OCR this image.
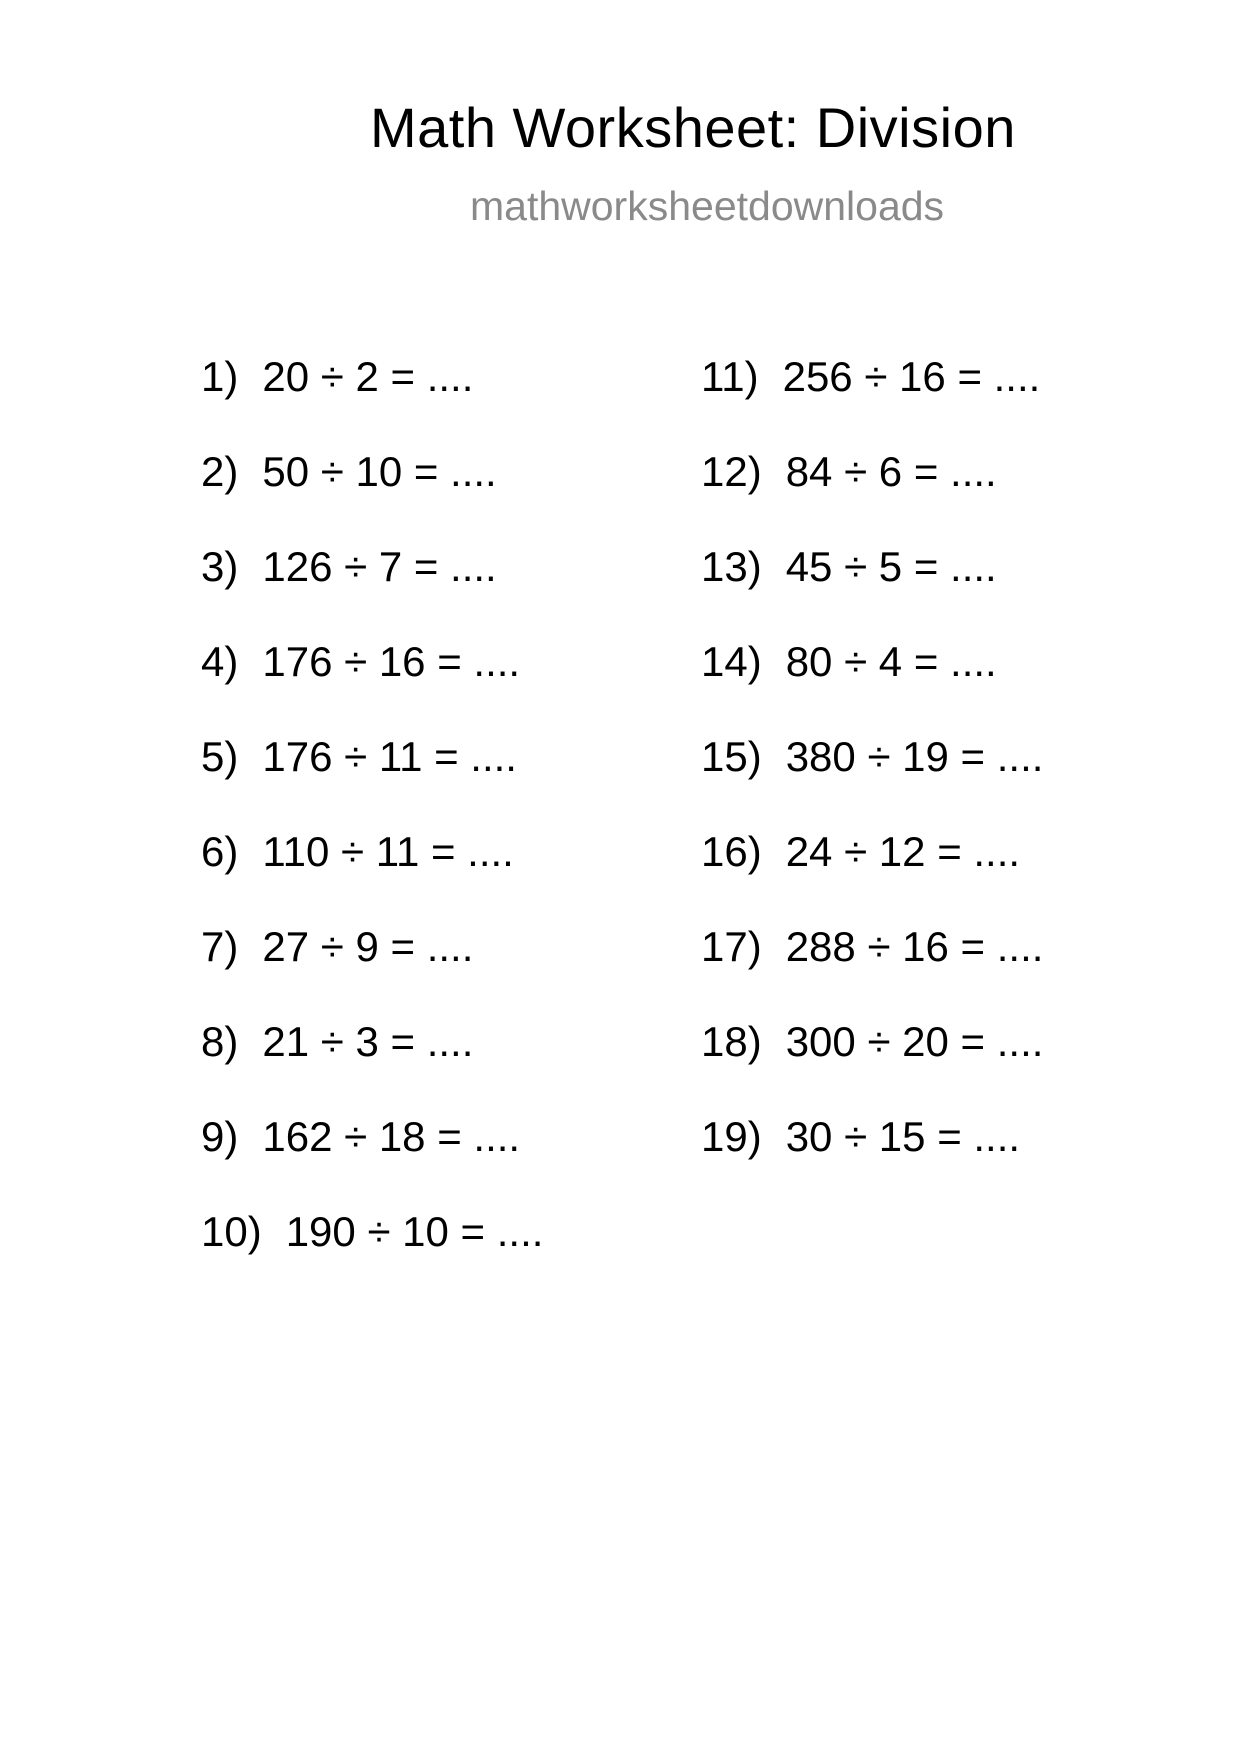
Math Worksheet: Division
mathworksheetdownloads
1) 20 ÷ 2 = ....
2) 50 ÷ 10 = ....
3) 126 ÷ 7 = ....
4) 176 ÷ 16 = ....
5) 176 ÷ 11 = ....
6) 110 ÷ 11 = ....
7) 27 ÷ 9 = ....
8) 21 ÷ 3 = ....
9) 162 ÷ 18 = ....
10) 190 ÷ 10 = ....
11) 256 ÷ 16 = ....
12) 84 ÷ 6 = ....
13) 45 ÷ 5 = ....
14) 80 ÷ 4 = ....
15) 380 ÷ 19 = ....
16) 24 ÷ 12 = ....
17) 288 ÷ 16 = ....
18) 300 ÷ 20 = ....
19) 30 ÷ 15 = ....
